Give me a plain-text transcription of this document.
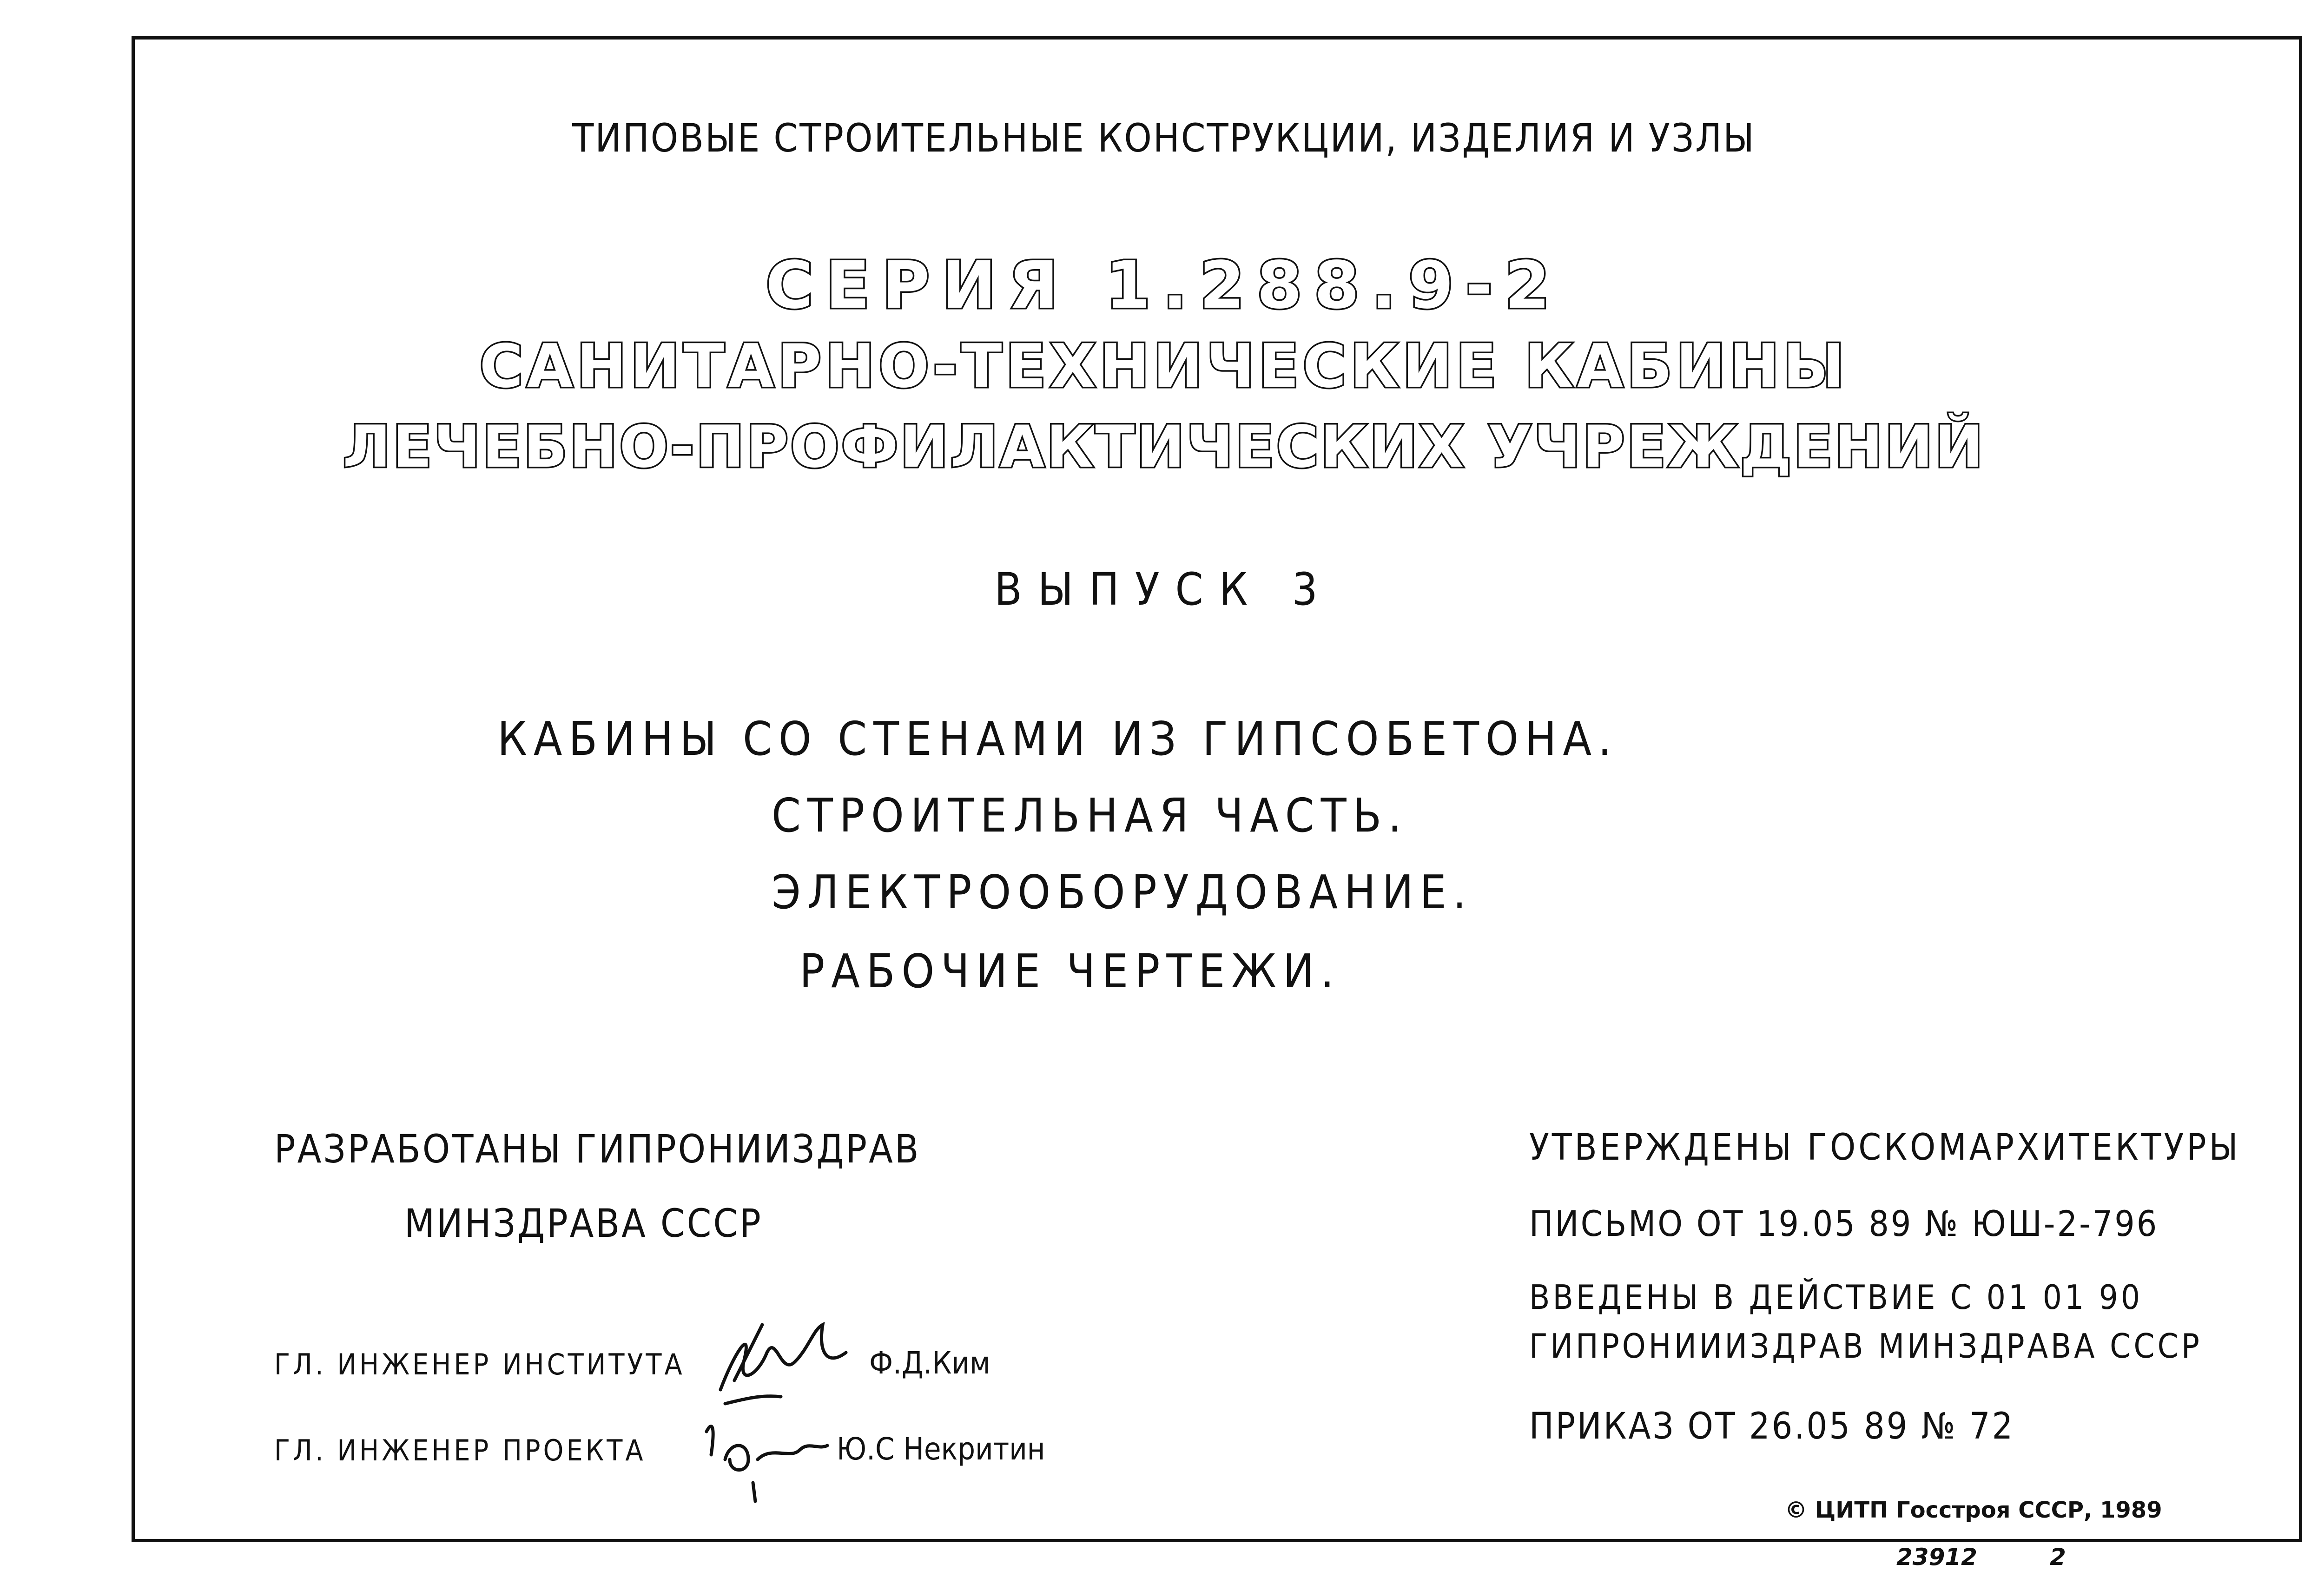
ТИПОВЫЕ СТРОИТЕЛЬНЫЕ КОНСТРУКЦИИ, ИЗДЕЛИЯ И УЗЛЫ
СЕРИЯ 1.288.9-2
САНИТАРНО-ТЕХНИЧЕСКИЕ КАБИНЫ
ЛЕЧЕБНО-ПРОФИЛАКТИЧЕСКИХ УЧРЕЖДЕНИЙ
ВЫПУСК 3
КАБИНЫ СО СТЕНАМИ ИЗ ГИПСОБЕТОНА.
СТРОИТЕЛЬНАЯ ЧАСТЬ.
ЭЛЕКТРООБОРУДОВАНИЕ.
РАБОЧИЕ ЧЕРТЕЖИ.
РАЗРАБОТАНЫ ГИПРОНИИЗДРАВ
МИНЗДРАВА СССР
ГЛ. ИНЖЕНЕР ИНСТИТУТА	Ф.Д.Ким
ГЛ. ИНЖЕНЕР ПРОЕКТА	Ю.С Некритин
УТВЕРЖДЕНЫ ГОСКОМАРХИТЕКТУРЫ
ПИСЬМО ОТ 19.05 89 № ЮШ-2-796
ВВЕДЕНЫ В ДЕЙСТВИЕ С 01 01 90
ГИПРОНИИИЗДРАВ МИНЗДРАВА СССР
ПРИКАЗ ОТ 26.05 89 № 72
© ЦИТП Госстроя СССР, 1989
23912	2
